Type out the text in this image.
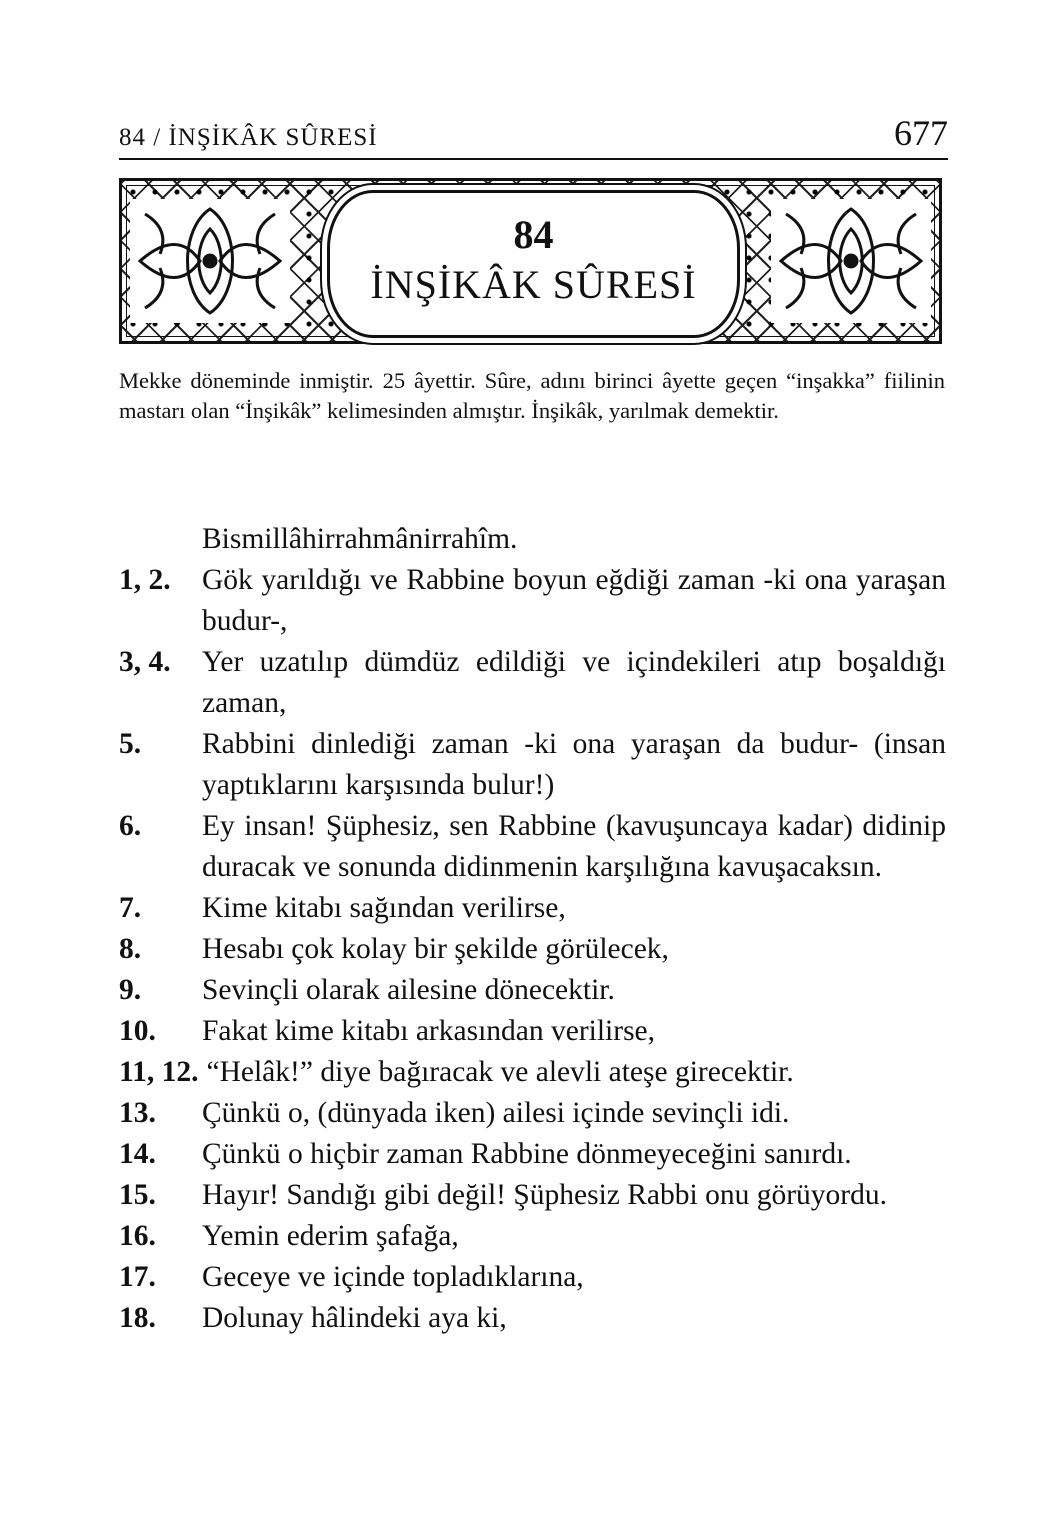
84 / İNŞİKÂK SÛRESİ	677
84
İNŞİKÂK SÛRESİ

Mekke döneminde inmiştir. 25 âyettir. Sûre, adını birinci âyette geçen “inşakka” fiilinin mastarı olan “İnşikâk” kelimesinden almıştır. İnşikâk, yarılmak demektir.

Bismillâhirrahmânirrahîm.
1, 2.	Gök yarıldığı ve Rabbine boyun eğdiği zaman -ki ona yaraşan budur-,
3, 4.	Yer uzatılıp dümdüz edildiği ve içindekileri atıp boşaldığı zaman,
5.	Rabbini dinlediği zaman -ki ona yaraşan da budur- (insan yaptıklarını karşısında bulur!)
6.	Ey insan! Şüphesiz, sen Rabbine (kavuşuncaya kadar) didinip duracak ve sonunda didinmenin karşılığına kavuşacaksın.
7.	Kime kitabı sağından verilirse,
8.	Hesabı çok kolay bir şekilde görülecek,
9.	Sevinçli olarak ailesine dönecektir.
10.	Fakat kime kitabı arkasından verilirse,
11, 12. “Helâk!” diye bağıracak ve alevli ateşe girecektir.
13.	Çünkü o, (dünyada iken) ailesi içinde sevinçli idi.
14.	Çünkü o hiçbir zaman Rabbine dönmeyeceğini sanırdı.
15.	Hayır! Sandığı gibi değil! Şüphesiz Rabbi onu görüyordu.
16.	Yemin ederim şafağa,
17.	Geceye ve içinde topladıklarına,
18.	Dolunay hâlindeki aya ki,
